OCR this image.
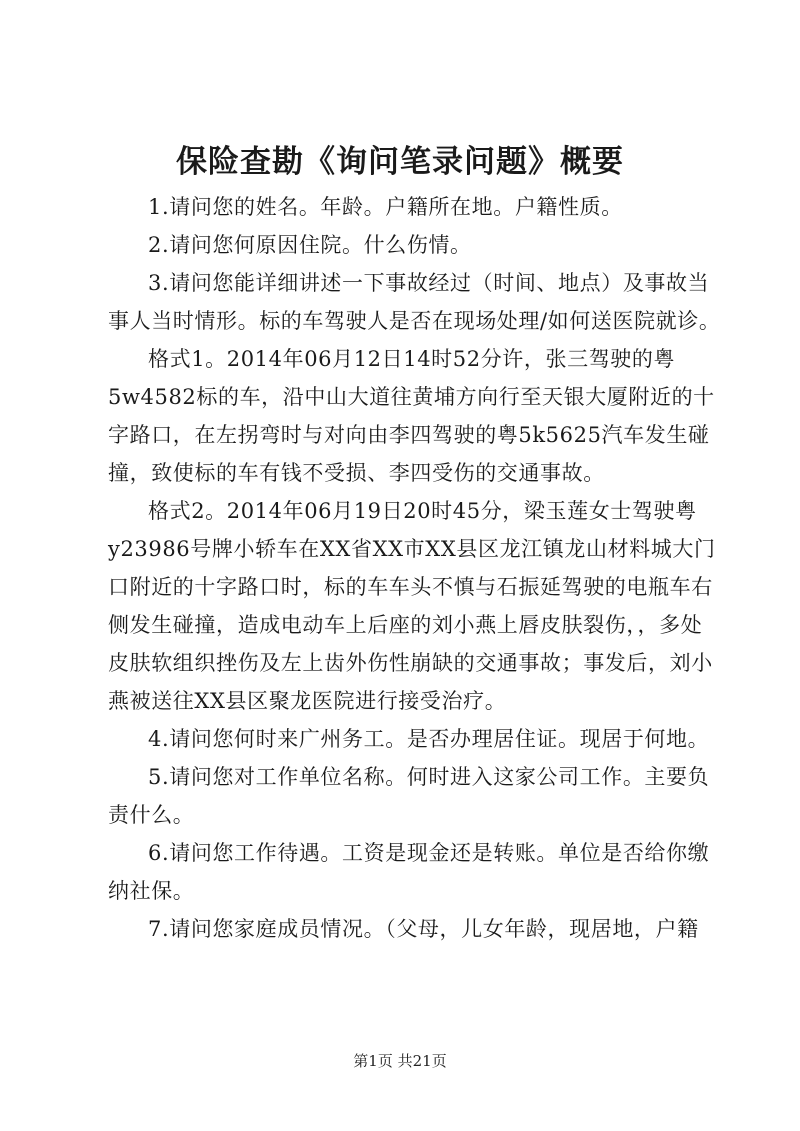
保险查勘《询问笔录问题》概要
1.请问您的姓名。年龄。户籍所在地。户籍性质。
2.请问您何原因住院。什么伤情。
3.请问您能详细讲述一下事故经过（时间、地点）及事故当
事人当时情形。标的车驾驶人是否在现场处理/如何送医院就诊。
格式1。2014年06月12日14时52分许，张三驾驶的粤
5w4582标的车，沿中山大道往黄埔方向行至天银大厦附近的十
字路口，在左拐弯时与对向由李四驾驶的粤5k5625汽车发生碰
撞，致使标的车有钱不受损、李四受伤的交通事故。
格式2。2014年06月19日20时45分，梁玉莲女士驾驶粤
y23986号牌小轿车在XX省XX市XX县区龙江镇龙山材料城大门
口附近的十字路口时，标的车车头不慎与石振延驾驶的电瓶车右
侧发生碰撞，造成电动车上后座的刘小燕上唇皮肤裂伤，，多处
皮肤软组织挫伤及左上齿外伤性崩缺的交通事故；事发后，刘小
燕被送往XX县区聚龙医院进行接受治疗。
4.请问您何时来广州务工。是否办理居住证。现居于何地。
5.请问您对工作单位名称。何时进入这家公司工作。主要负
责什么。
6.请问您工作待遇。工资是现金还是转账。单位是否给你缴
纳社保。
7.请问您家庭成员情况。（父母，儿女年龄，现居地，户籍
第1页 共21页
